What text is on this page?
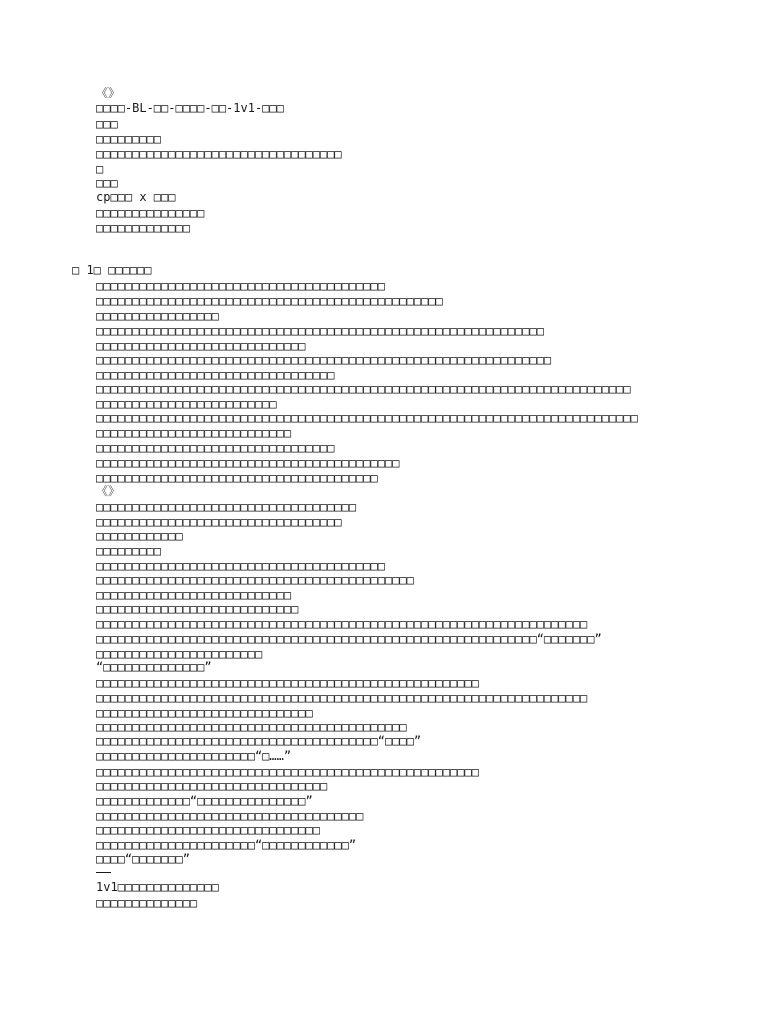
《》
□□□□-BL-□□-□□□□-□□-1v1-□□□
□□□
□□□□□□□□□
□□□□□□□□□□□□□□□□□□□□□□□□□□□□□□□□□□
□
□□□
cp□□□ x □□□
□□□□□□□□□□□□□□□
□□□□□□□□□□□□□
□ 1□ □□□□□□
□□□□□□□□□□□□□□□□□□□□□□□□□□□□□□□□□□□□□□□□
□□□□□□□□□□□□□□□□□□□□□□□□□□□□□□□□□□□□□□□□□□□□□□□□
□□□□□□□□□□□□□□□□□
□□□□□□□□□□□□□□□□□□□□□□□□□□□□□□□□□□□□□□□□□□□□□□□□□□□□□□□□□□□□□□
□□□□□□□□□□□□□□□□□□□□□□□□□□□□□
□□□□□□□□□□□□□□□□□□□□□□□□□□□□□□□□□□□□□□□□□□□□□□□□□□□□□□□□□□□□□□□
□□□□□□□□□□□□□□□□□□□□□□□□□□□□□□□□□
□□□□□□□□□□□□□□□□□□□□□□□□□□□□□□□□□□□□□□□□□□□□□□□□□□□□□□□□□□□□□□□□□□□□□□□□□□
□□□□□□□□□□□□□□□□□□□□□□□□□
□□□□□□□□□□□□□□□□□□□□□□□□□□□□□□□□□□□□□□□□□□□□□□□□□□□□□□□□□□□□□□□□□□□□□□□□□□□
□□□□□□□□□□□□□□□□□□□□□□□□□□□
□□□□□□□□□□□□□□□□□□□□□□□□□□□□□□□□□
□□□□□□□□□□□□□□□□□□□□□□□□□□□□□□□□□□□□□□□□□□
□□□□□□□□□□□□□□□□□□□□□□□□□□□□□□□□□□□□□□□
《》
□□□□□□□□□□□□□□□□□□□□□□□□□□□□□□□□□□□□
□□□□□□□□□□□□□□□□□□□□□□□□□□□□□□□□□□
□□□□□□□□□□□□
□□□□□□□□□
□□□□□□□□□□□□□□□□□□□□□□□□□□□□□□□□□□□□□□□□
□□□□□□□□□□□□□□□□□□□□□□□□□□□□□□□□□□□□□□□□□□□□
□□□□□□□□□□□□□□□□□□□□□□□□□□□
□□□□□□□□□□□□□□□□□□□□□□□□□□□□
□□□□□□□□□□□□□□□□□□□□□□□□□□□□□□□□□□□□□□□□□□□□□□□□□□□□□□□□□□□□□□□□□□□□
□□□□□□□□□□□□□□□□□□□□□□□□□□□□□□□□□□□□□□□□□□□□□□□□□□□□□□□□□□□□□“□□□□□□□”
□□□□□□□□□□□□□□□□□□□□□□□
“□□□□□□□□□□□□□□”
□□□□□□□□□□□□□□□□□□□□□□□□□□□□□□□□□□□□□□□□□□□□□□□□□□□□□
□□□□□□□□□□□□□□□□□□□□□□□□□□□□□□□□□□□□□□□□□□□□□□□□□□□□□□□□□□□□□□□□□□□□
□□□□□□□□□□□□□□□□□□□□□□□□□□□□□□
□□□□□□□□□□□□□□□□□□□□□□□□□□□□□□□□□□□□□□□□□□□
□□□□□□□□□□□□□□□□□□□□□□□□□□□□□□□□□□□□□□□“□□□□”
□□□□□□□□□□□□□□□□□□□□□□“□……”
□□□□□□□□□□□□□□□□□□□□□□□□□□□□□□□□□□□□□□□□□□□□□□□□□□□□□
□□□□□□□□□□□□□□□□□□□□□□□□□□□□□□□□
□□□□□□□□□□□□□“□□□□□□□□□□□□□□□”
□□□□□□□□□□□□□□□□□□□□□□□□□□□□□□□□□□□□□
□□□□□□□□□□□□□□□□□□□□□□□□□□□□□□□
□□□□□□□□□□□□□□□□□□□□□□“□□□□□□□□□□□□”
□□□□“□□□□□□□”
1v1□□□□□□□□□□□□□□
□□□□□□□□□□□□□□
